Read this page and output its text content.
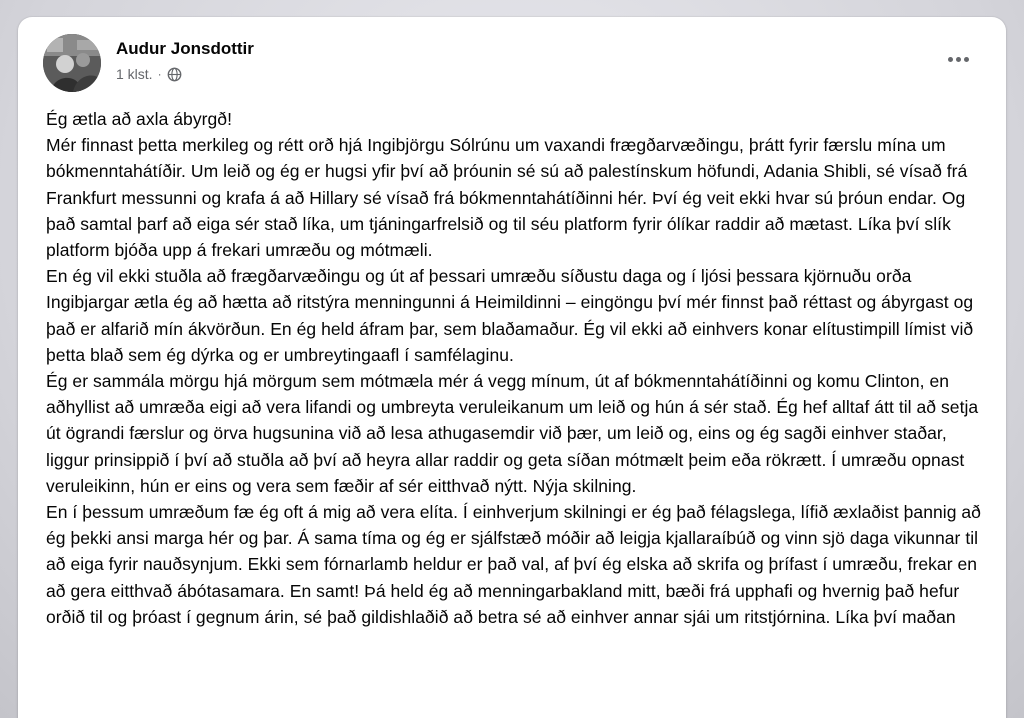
Audur Jonsdottir
1 klst. ·

Ég ætla að axla ábyrgð!

Mér finnast þetta merkileg og rétt orð hjá Ingibjörgu Sólrúnu um vaxandi frægðarvæðingu, þrátt fyrir færslu mína um bókmenntahátíðir. Um leið og ég er hugsi yfir því að þróunin sé sú að palestínskum höfundi, Adania Shibli, sé vísað frá Frankfurt messunni og krafa á að Hillary sé vísað frá bókmenntahátíðinni hér. Því ég veit ekki hvar sú þróun endar. Og það samtal þarf að eiga sér stað líka, um tjáningarfrelsið og til séu platform fyrir ólíkar raddir að mætast. Líka því slík platform bjóða upp á frekari umræðu og mótmæli.

En ég vil ekki stuðla að frægðarvæðingu og út af þessari umræðu síðustu daga og í ljósi þessara kjörnuðu orða Ingibjargar ætla ég að hætta að ritstýra menningunni á Heimildinni – eingöngu því mér finnst það réttast og ábyrgast og það er alfarið mín ákvörðun. En ég held áfram þar, sem blaðamaður. Ég vil ekki að einhvers konar elítustimpill límist við þetta blað sem ég dýrka og er umbreytingaafl í samfélaginu.

Ég er sammála mörgu hjá mörgum sem mótmæla mér á vegg mínum, út af bókmenntahátíðinni og komu Clinton, en aðhyllist að umræða eigi að vera lifandi og umbreyta veruleikanum um leið og hún á sér stað. Ég hef alltaf átt til að setja út ögrandi færslur og örva hugsunina við að lesa athugasemdir við þær, um leið og, eins og ég sagði einhver staðar, liggur prinsippið í því að stuðla að því að heyra allar raddir og geta síðan mótmælt þeim eða rökrætt. Í umræðu opnast veruleikinn, hún er eins og vera sem fæðir af sér eitthvað nýtt. Nýja skilning.

En í þessum umræðum fæ ég oft á mig að vera elíta. Í einhverjum skilningi er ég það félagslega, lífið æxlaðist þannig að ég þekki ansi marga hér og þar. Á sama tíma og ég er sjálfstæð móðir að leigja kjallaraíbúð og vinn sjö daga vikunnar til að eiga fyrir nauðsynjum. Ekki sem fórnarlamb heldur er það val, af því ég elska að skrifa og þrífast í umræðu, frekar en að gera eitthvað ábótasamara. En samt! Þá held ég að menningarbakland mitt, bæði frá upphafi og hvernig það hefur orðið til og þróast í gegnum árin, sé það gildishlaðið að betra sé að einhver annar sjái um ritstjórnina. Líka því maðan
